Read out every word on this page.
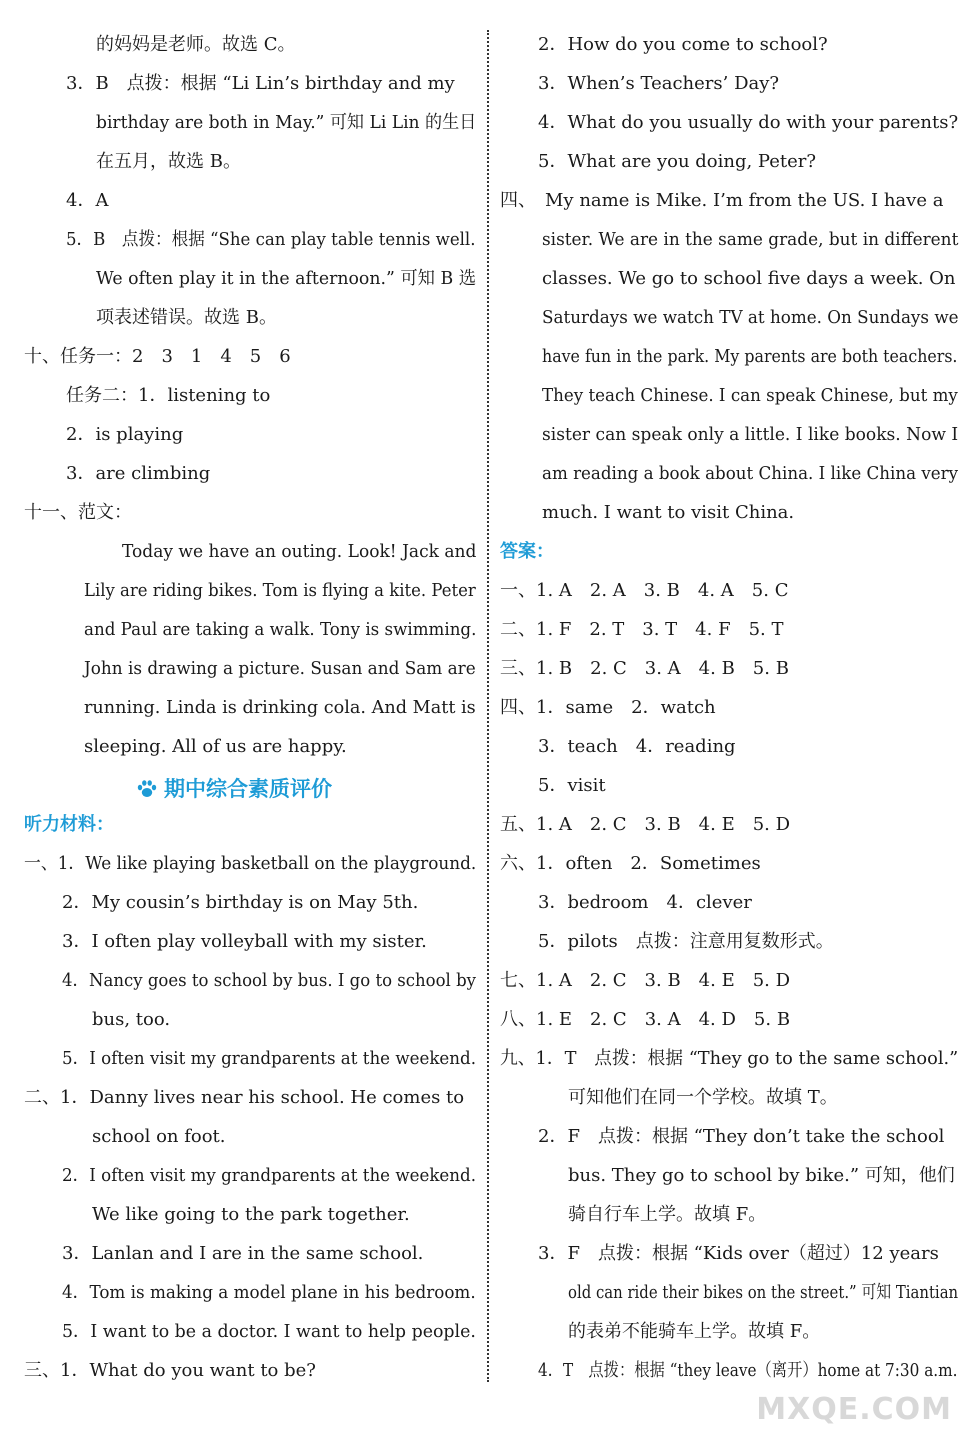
的妈妈是老师。故选 C。
3．B　点拨：根据 “Li Lin’s birthday and my
birthday are both in May.” 可知 Li Lin 的生日
在五月，故选 B。
4．A
5．B　点拨：根据 “She can play table tennis well.
We often play it in the afternoon.” 可知 B 选
项表述错误。故选 B。
十、任务一：2　3　1　4　5　6
任务二：1．listening to
2．is playing
3．are climbing
十一、范文：
Today we have an outing. Look! Jack and
Lily are riding bikes. Tom is flying a kite. Peter
and Paul are taking a walk. Tony is swimming.
John is drawing a picture. Susan and Sam are
running. Linda is drinking cola. And Matt is
sleeping. All of us are happy.
听力材料：
一、1．We like playing basketball on the playground.
2．My cousin’s birthday is on May 5th.
3．I often play volleyball with my sister.
4．Nancy goes to school by bus. I go to school by
bus, too.
5．I often visit my grandparents at the weekend.
二、1．Danny lives near his school. He comes to
school on foot.
2．I often visit my grandparents at the weekend.
We like going to the park together.
3．Lanlan and I are in the same school.
4．Tom is making a model plane in his bedroom.
5．I want to be a doctor. I want to help people.
三、1．What do you want to be?
2．How do you come to school?
3．When’s Teachers’ Day?
4．What do you usually do with your parents?
5．What are you doing, Peter?
四、　My name is Mike. I’m from the US. I have a
sister. We are in the same grade, but in different
classes. We go to school five days a week. On
Saturdays we watch TV at home. On Sundays we
have fun in the park. My parents are both teachers.
They teach Chinese. I can speak Chinese, but my
sister can speak only a little. I like books. Now I
am reading a book about China. I like China very
much. I want to visit China.
答案：
一、1. A　2. A　3. B　4. A　5. C
二、1. F　2. T　3. T　4. F　5. T
三、1. B　2. C　3. A　4. B　5. B
四、1．same　2．watch
3．teach　4．reading
5．visit
五、1. A　2. C　3. B　4. E　5. D
六、1．often　2．Sometimes
3．bedroom　4．clever
5．pilots　点拨：注意用复数形式。
七、1. A　2. C　3. B　4. E　5. D
八、1. E　2. C　3. A　4. D　5. B
九、1．T　点拨：根据 “They go to the same school.”
可知他们在同一个学校。故填 T。
2．F　点拨：根据 “They don’t take the school
bus. They go to school by bike.” 可知，他们
骑自行车上学。故填 F。
3．F　点拨：根据 “Kids over（超过）12 years
old can ride their bikes on the street.” 可知 Tiantian
的表弟不能骑车上学。故填 F。
4．T　点拨：根据 “they leave（离开）home at 7:30 a.m.
期中综合素质评价
MXQE.COM
